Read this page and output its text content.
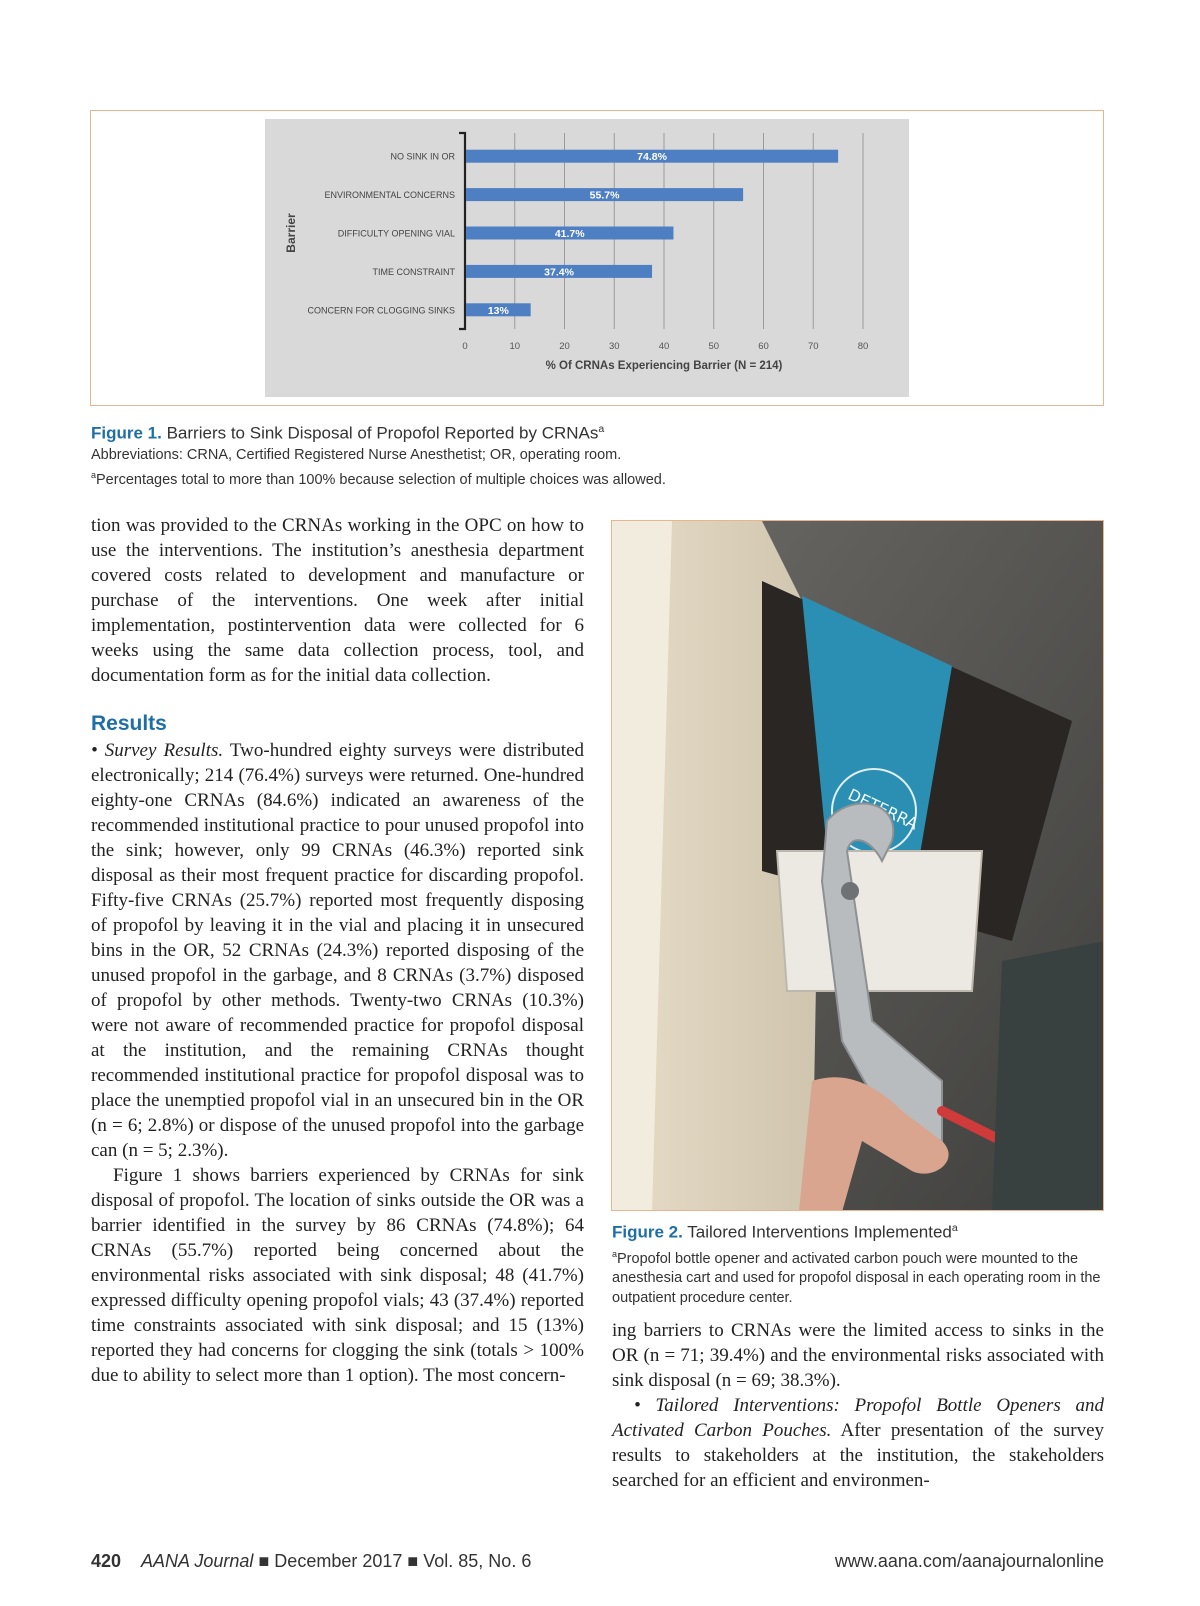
0	10	20	30	40	50	60	70	80
NO SINK IN OR	74.8%
ENVIRONMENTAL CONCERNS	55.7%
DIFFICULTY OPENING VIAL	41.7%
TIME CONSTRAINT	37.4%
CONCERN FOR CLOGGING SINKS	13%
% Of CRNAs Experiencing Barrier (N = 214)
Barrier
Figure 1. Barriers to Sink Disposal of Propofol Reported by CRNAs$^a$
Abbreviations: CRNA, Certified Registered Nurse Anesthetist; OR, operating room.
$^a$Percentages total to more than 100% because selection of multiple choices was allowed.

tion was provided to the CRNAs working in the OPC on how to use the interventions. The institution’s anesthesia department covered costs related to development and manufacture or purchase of the interventions. One week after initial implementation, postintervention data were collected for 6 weeks using the same data collection process, tool, and documentation form as for the initial data collection.

Results

• Survey Results. Two-hundred eighty surveys were distributed electronically; 214 (76.4%) surveys were returned. One-hundred eighty-one CRNAs (84.6%) indicated an awareness of the recommended institutional practice to pour unused propofol into the sink; however, only 99 CRNAs (46.3%) reported sink disposal as their most frequent practice for discarding propofol. Fifty-five CRNAs (25.7%) reported most frequently disposing of propofol by leaving it in the vial and placing it in unsecured bins in the OR, 52 CRNAs (24.3%) reported disposing of the unused propofol in the garbage, and 8 CRNAs (3.7%) disposed of propofol by other methods. Twenty-two CRNAs (10.3%) were not aware of recommended practice for propofol disposal at the institution, and the remaining CRNAs thought recommended institutional practice for propofol disposal was to place the unemptied propofol vial in an unsecured bin in the OR (n = 6; 2.8%) or dispose of the unused propofol into the garbage can (n = 5; 2.3%).

Figure 1 shows barriers experienced by CRNAs for sink disposal of propofol. The location of sinks outside the OR was a barrier identified in the survey by 86 CRNAs (74.8%); 64 CRNAs (55.7%) reported being concerned about the environmental risks associated with sink disposal; 48 (41.7%) expressed difficulty opening propofol vials; 43 (37.4%) reported time constraints associated with sink disposal; and 15 (13%) reported they had concerns for clogging the sink (totals > 100% due to ability to select more than 1 option). The most concern-

Figure 2. Tailored Interventions Implemented$^a$
$^a$Propofol bottle opener and activated carbon pouch were mounted to the anesthesia cart and used for propofol disposal in each operating room in the outpatient procedure center.

ing barriers to CRNAs were the limited access to sinks in the OR (n = 71; 39.4%) and the environmental risks associated with sink disposal (n = 69; 38.3%).

• Tailored Interventions: Propofol Bottle Openers and Activated Carbon Pouches. After presentation of the survey results to stakeholders at the institution, the stakeholders searched for an efficient and environmen-

420 AANA Journal ■ December 2017 ■ Vol. 85, No. 6	www.aana.com/aanajournalonline
